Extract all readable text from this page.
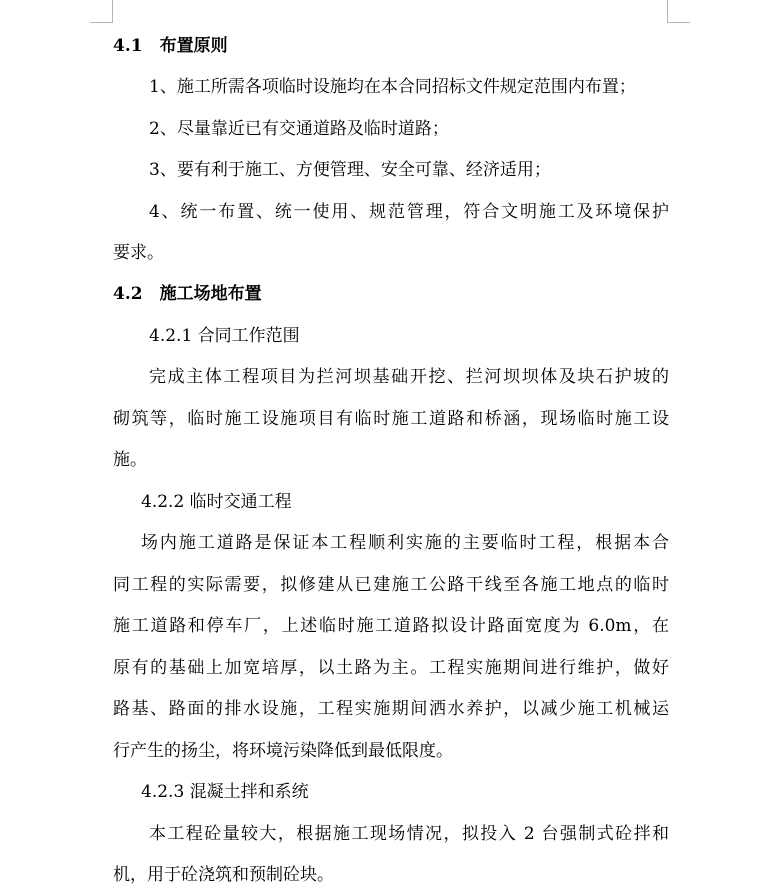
4.1　布置原则
1、施工所需各项临时设施均在本合同招标文件规定范围内布置；
2、尽量靠近已有交通道路及临时道路；
3、要有利于施工、方便管理、安全可靠、经济适用；
4、统一布置、统一使用、规范管理，符合文明施工及环境保护
要求。
4.2　施工场地布置
4.2.1 合同工作范围
完成主体工程项目为拦河坝基础开挖、拦河坝坝体及块石护坡的
砌筑等，临时施工设施项目有临时施工道路和桥涵，现场临时施工设
施。
4.2.2 临时交通工程
场内施工道路是保证本工程顺利实施的主要临时工程，根据本合
同工程的实际需要，拟修建从已建施工公路干线至各施工地点的临时
施工道路和停车厂，上述临时施工道路拟设计路面宽度为 6.0m，在
原有的基础上加宽培厚，以土路为主。工程实施期间进行维护，做好
路基、路面的排水设施，工程实施期间洒水养护，以减少施工机械运
行产生的扬尘，将环境污染降低到最低限度。
4.2.3 混凝土拌和系统
本工程砼量较大，根据施工现场情况，拟投入 2 台强制式砼拌和
机，用于砼浇筑和预制砼块。
